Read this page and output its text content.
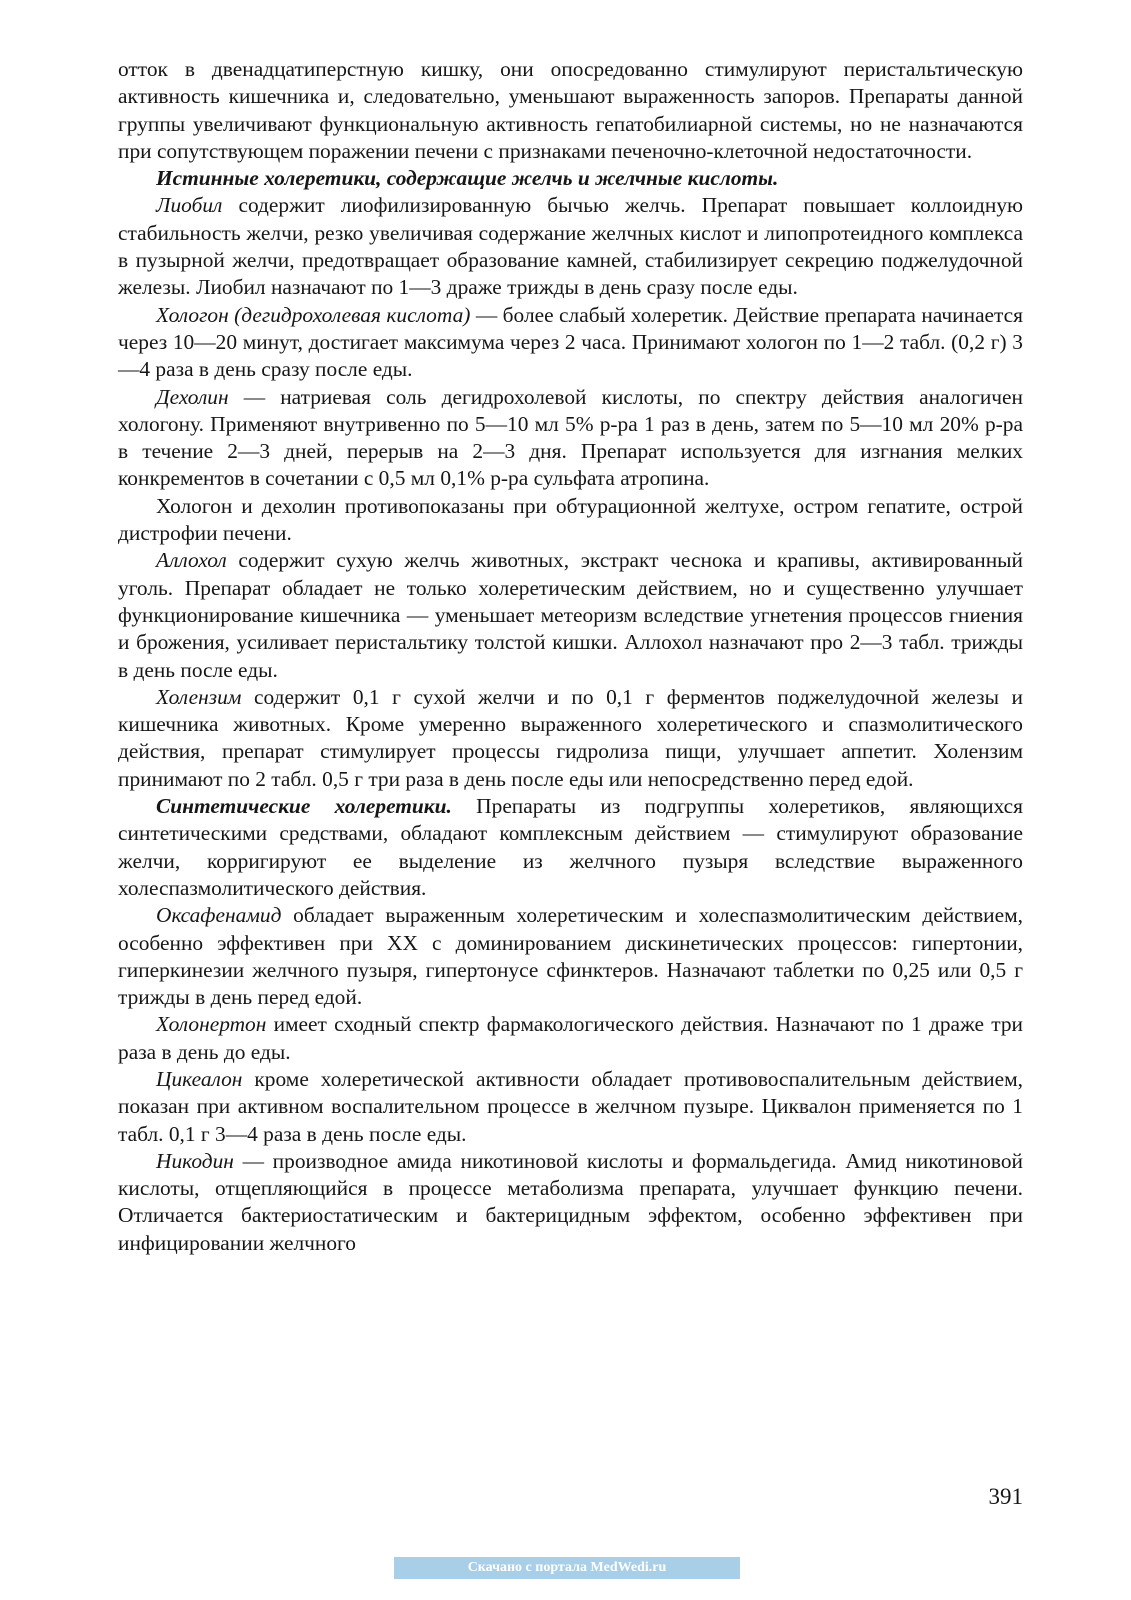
отток в двенадцатиперстную кишку, они опосредованно стимулируют перистальтическую активность кишечника и, следовательно, уменьшают выраженность запоров. Препараты данной группы увеличивают функциональную активность гепатобилиарной системы, но не назначаются при сопутствующем поражении печени с признаками печеночно-клеточной недостаточности.

Истинные холеретики, содержащие желчь и желчные кислоты.

Лиобил содержит лиофилизированную бычью желчь. Препарат повышает коллоидную стабильность желчи, резко увеличивая содержание желчных кислот и липопротеидного комплекса в пузырной желчи, предотвращает образование камней, стабилизирует секрецию поджелудочной железы. Лиобил назначают по 1—3 драже трижды в день сразу после еды.

Хологон (дегидрохолевая кислота) — более слабый холеретик. Действие препарата начинается через 10—20 минут, достигает максимума через 2 часа. Принимают хологон по 1—2 табл. (0,2 г) 3—4 раза в день сразу после еды.

Дехолин — натриевая соль дегидрохолевой кислоты, по спектру действия аналогичен хологону. Применяют внутривенно по 5—10 мл 5% р-ра 1 раз в день, затем по 5—10 мл 20% р-ра в течение 2—3 дней, перерыв на 2—3 дня. Препарат используется для изгнания мелких конкрементов в сочетании с 0,5 мл 0,1% р-ра сульфата атропина.

Хологон и дехолин противопоказаны при обтурационной желтухе, остром гепатите, острой дистрофии печени.

Аллохол содержит сухую желчь животных, экстракт чеснока и крапивы, активированный уголь. Препарат обладает не только холеретическим действием, но и существенно улучшает функционирование кишечника — уменьшает метеоризм вследствие угнетения процессов гниения и брожения, усиливает перистальтику толстой кишки. Аллохол назначают про 2—3 табл. трижды в день после еды.

Холензим содержит 0,1 г сухой желчи и по 0,1 г ферментов поджелудочной железы и кишечника животных. Кроме умеренно выраженного холеретического и спазмолитического действия, препарат стимулирует процессы гидролиза пищи, улучшает аппетит. Холензим принимают по 2 табл. 0,5 г три раза в день после еды или непосредственно перед едой.

Синтетические холеретики. Препараты из подгруппы холеретиков, являющихся синтетическими средствами, обладают комплексным действием — стимулируют образование желчи, корригируют ее выделение из желчного пузыря вследствие выраженного холеспазмолитического действия.

Оксафенамид обладает выраженным холеретическим и холеспазмолитическим действием, особенно эффективен при ХХ с доминированием дискинетических процессов: гипертонии, гиперкинезии желчного пузыря, гипертонусе сфинктеров. Назначают таблетки по 0,25 или 0,5 г трижды в день перед едой.

Холонертон имеет сходный спектр фармакологического действия. Назначают по 1 драже три раза в день до еды.

Цикеалон кроме холеретической активности обладает противовоспалительным действием, показан при активном воспалительном процессе в желчном пузыре. Циквалон применяется по 1 табл. 0,1 г 3—4 раза в день после еды.

Никодин — производное амида никотиновой кислоты и формальдегида. Амид никотиновой кислоты, отщепляющийся в процессе метаболизма препарата, улучшает функцию печени. Отличается бактериостатическим и бактерицидным эффектом, особенно эффективен при инфицировании желчного

391
Скачано с портала MedWedi.ru
